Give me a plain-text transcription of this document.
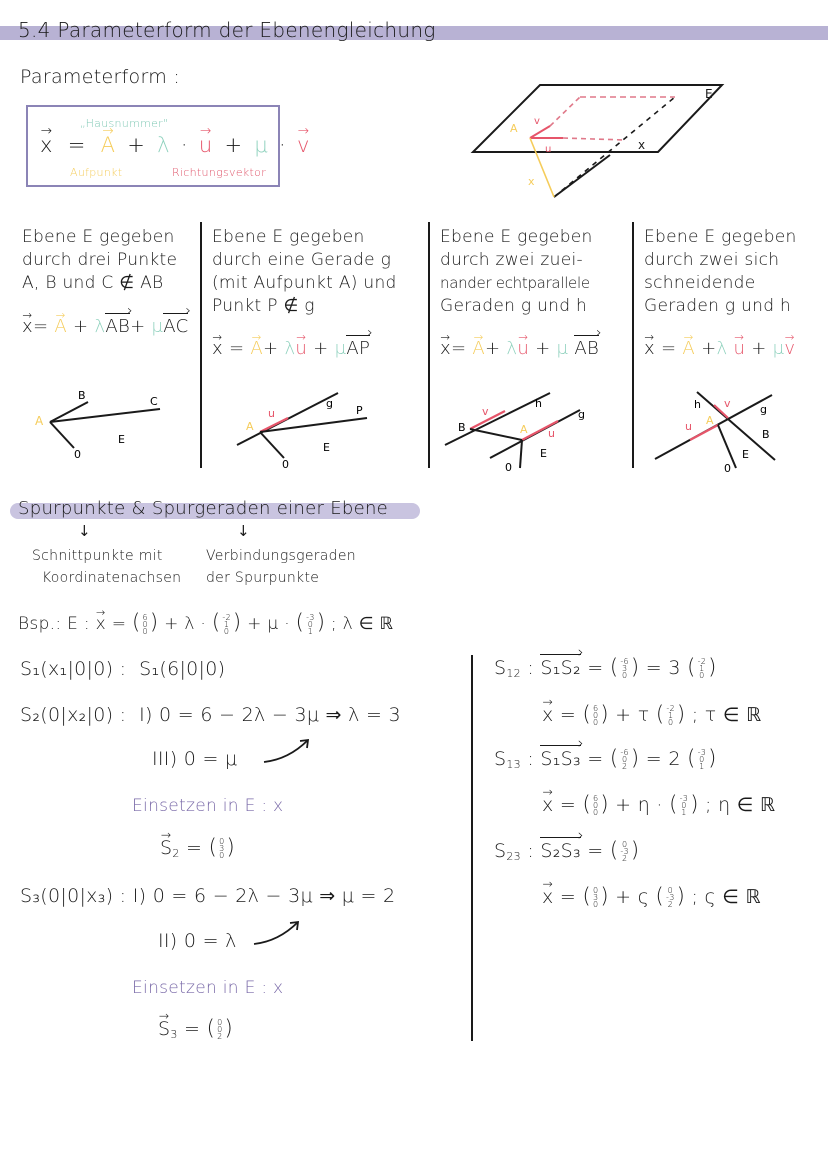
5.4 Parameterform der Ebenengleichung
Parameterform :
„Hausnummer"
→ x = → A + λ · → u + μ · → v
Aufpunkt	Richtungsvektor
E
A
v
u	x
x
Ebene E gegeben
durch drei Punkte
A, B und C ∉ AB
→ x= → A + λ› AB+ μ› AC
A
B	C
0
E
Ebene E gegeben
durch eine Gerade g
(mit Aufpunkt A) und
Punkt P ∉ g
→ x = → A+ λ→ u + μ› AP
A
u
g
P
0
E
Ebene E gegeben
durch zwei zuei-
nander echtparallele
Geraden g und h
→ x= → A+ λ→ u + μ › AB
B	A
v
u
h
g
0
E
Ebene E gegeben
durch zwei sich
schneidende
Geraden g und h
→ x = → A +λ → u + μ→ v
h v
u A
g
B
E
0
Spurpunkte & Spurgeraden einer Ebene
↓	↓
Schnittpunkte mit
Koordinatenachsen
Verbindungsgeraden
der Spurpunkte
Bsp.: E : → x = ( 6
0
0 ) + λ · ( -2
1
0 ) + μ · ( -3
0
1 ) ; λ ∈ ℝ
S₁(x₁|0|0) : S₁(6|0|0)
S₂(0|x₂|0) : I) 0 = 6 − 2λ − 3μ ⇒ λ = 3
III) 0 = μ
Einsetzen in E : x
→ $S_2$ = ( 0
3
0 )
S₃(0|0|x₃) : I) 0 = 6 − 2λ − 3μ ⇒ μ = 2
II) 0 = λ
Einsetzen in E : x
→ $S_3$ = ( 0
0
2 )
$S_{12}$ : › S₁S₂ = ( -6
3
0 ) = 3 ( -2
1
0 )
→ x = ( 6
0
0 ) + τ ( -2
1
0 ) ; τ ∈ ℝ
$S_{13}$ : › S₁S₃ = ( -6
0
2 ) = 2 ( -3
0
1 )
→ x = ( 6
0
0 ) + η · ( -3
0
1 ) ; η ∈ ℝ
$S_{23}$ : › S₂S₃ = ( 0
-3
2 )
→ x = ( 0
3
0 ) + ς ( 0
-3
2 ) ; ς ∈ ℝ
